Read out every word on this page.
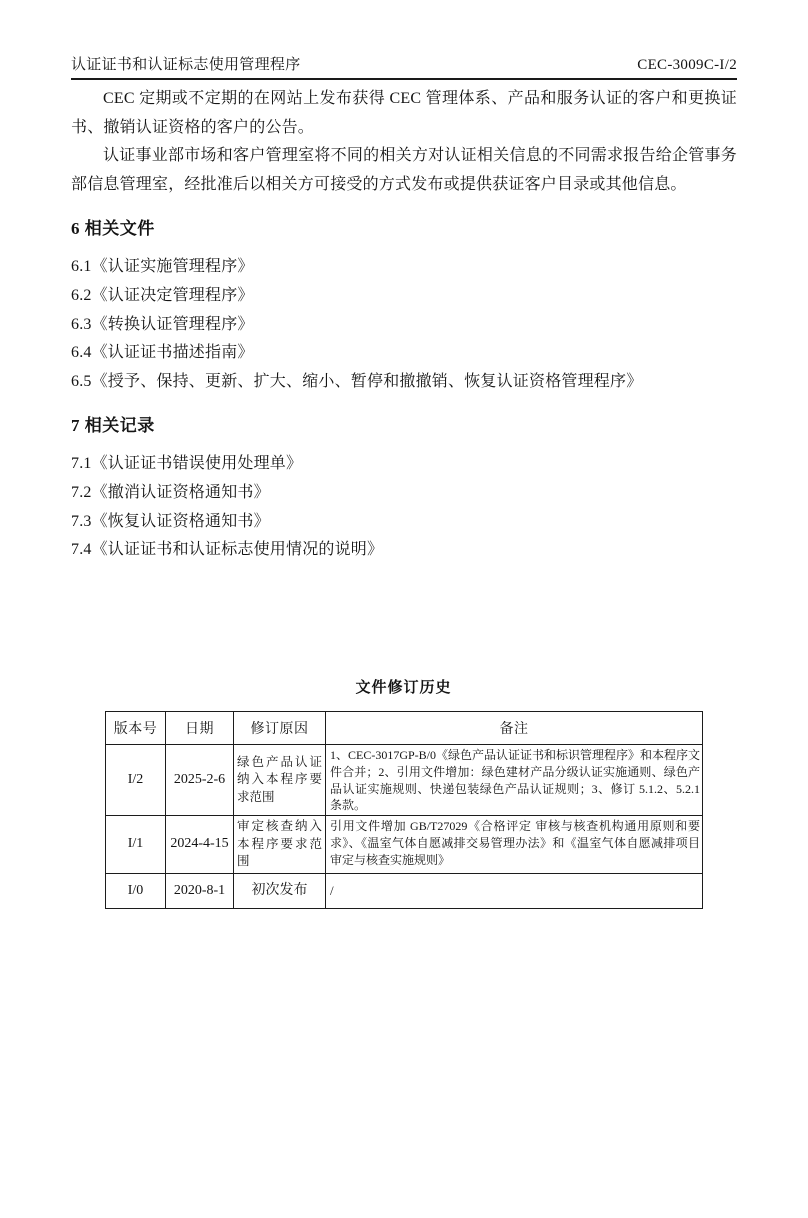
认证证书和认证标志使用管理程序	CEC-3009C-I/2

CEC 定期或不定期的在网站上发布获得 CEC 管理体系、产品和服务认证的客户和更换证书、撤销认证资格的客户的公告。

认证事业部市场和客户管理室将不同的相关方对认证相关信息的不同需求报告给企管事务部信息管理室，经批准后以相关方可接受的方式发布或提供获证客户目录或其他信息。

6 相关文件
6.1《认证实施管理程序》
6.2《认证决定管理程序》
6.3《转换认证管理程序》
6.4《认证证书描述指南》
6.5《授予、保持、更新、扩大、缩小、暂停和撤撤销、恢复认证资格管理程序》
7 相关记录
7.1《认证证书错误使用处理单》
7.2《撤消认证资格通知书》
7.3《恢复认证资格通知书》
7.4《认证证书和认证标志使用情况的说明》
文件修订历史
版本号	日期	修订原因	备注
I/2	2025-2-6	绿色产品认证纳入本程序要求范围	1、CEC-3017GP-B/0《绿色产品认证证书和标识管理程序》和本程序文件合并；2、引用文件增加：绿色建材产品分级认证实施通则、绿色产品认证实施规则、快递包装绿色产品认证规则；3、修订 5.1.2、5.2.1 条款。
I/1	2024-4-15	审定核查纳入本程序要求范围	引用文件增加 GB/T27029《合格评定 审核与核查机构通用原则和要求》、《温室气体自愿减排交易管理办法》和《温室气体自愿减排项目审定与核查实施规则》
I/0	2020-8-1	初次发布	/
